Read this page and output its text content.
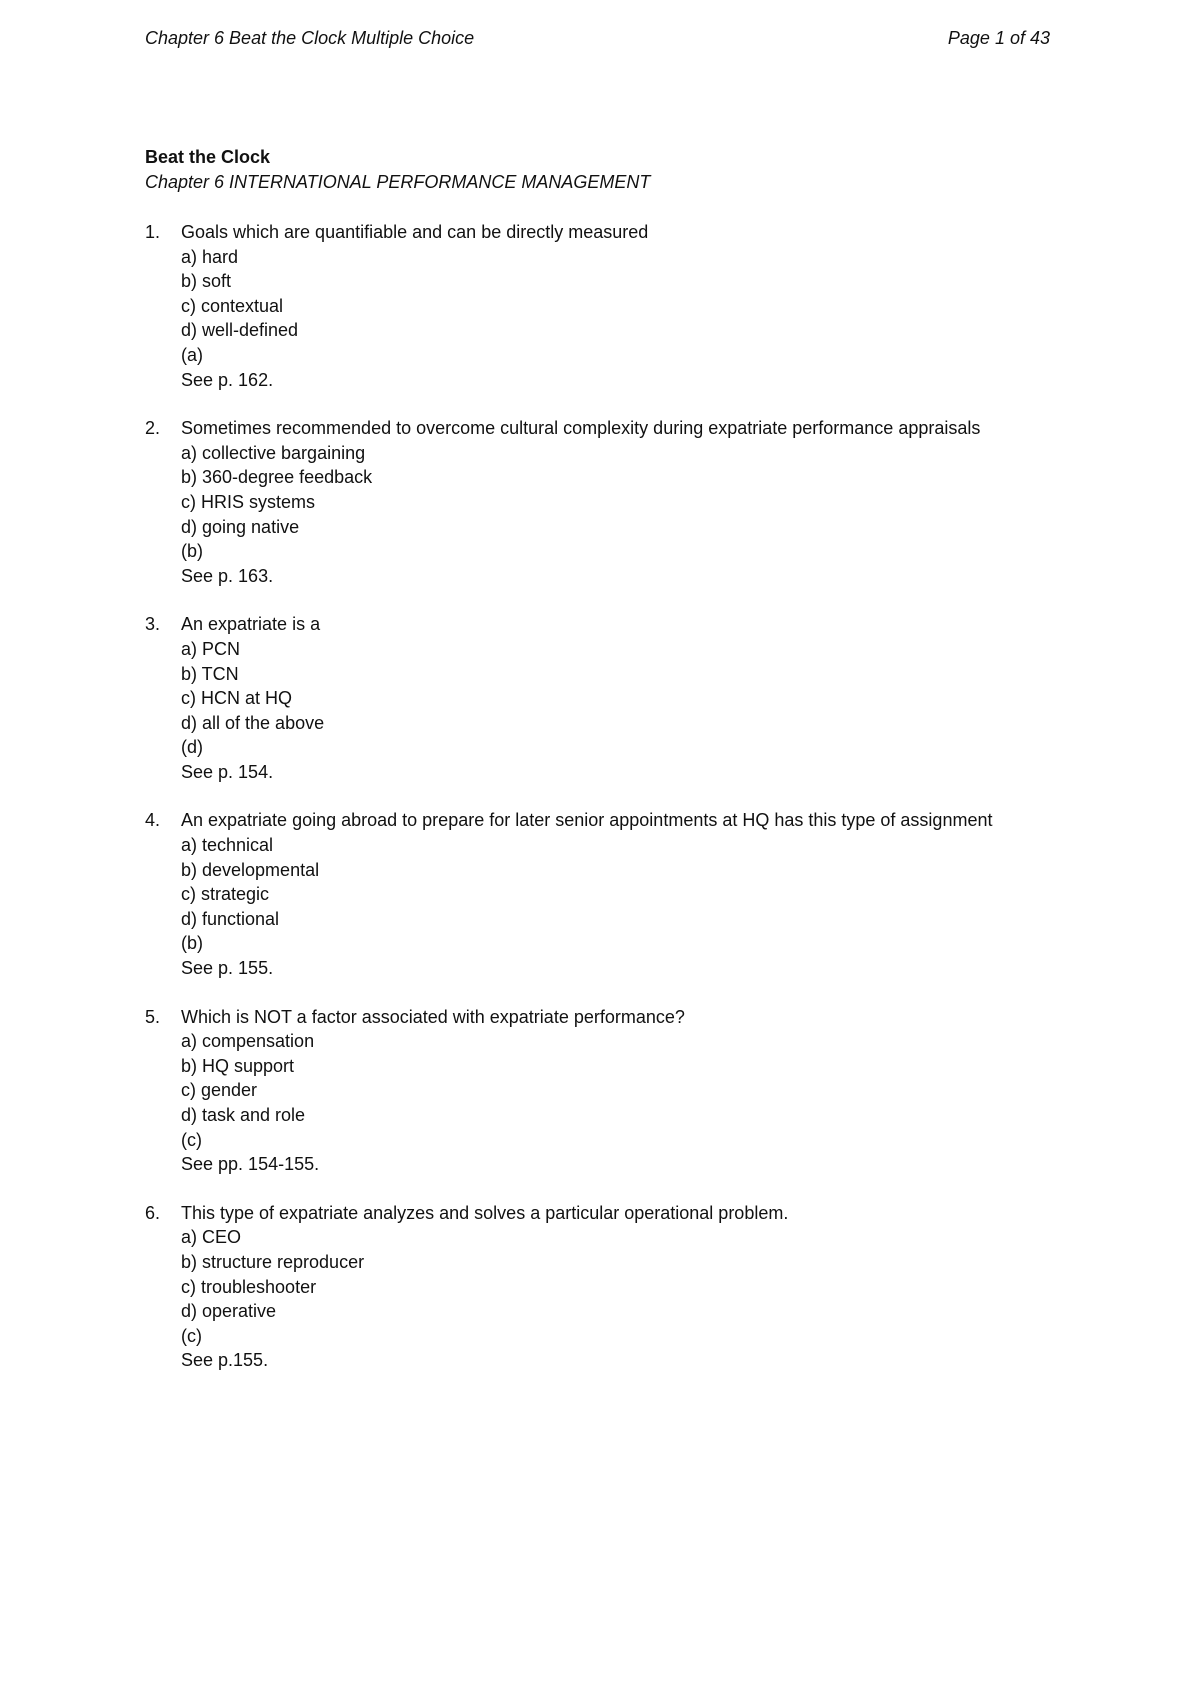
Chapter 6 Beat the Clock Multiple Choice	Page 1 of 43
Beat the Clock
Chapter 6 INTERNATIONAL PERFORMANCE MANAGEMENT
1. Goals which are quantifiable and can be directly measured
a) hard
b) soft
c) contextual
d) well-defined
(a)
See p. 162.
2. Sometimes recommended to overcome cultural complexity during expatriate performance appraisals
a) collective bargaining
b) 360-degree feedback
c) HRIS systems
d) going native
(b)
See p. 163.
3. An expatriate is a
a) PCN
b) TCN
c) HCN at HQ
d) all of the above
(d)
See p. 154.
4. An expatriate going abroad to prepare for later senior appointments at HQ has this type of assignment
a) technical
b) developmental
c) strategic
d) functional
(b)
See p. 155.
5. Which is NOT a factor associated with expatriate performance?
a) compensation
b) HQ support
c) gender
d) task and role
(c)
See pp. 154-155.
6. This type of expatriate analyzes and solves a particular operational problem.
a) CEO
b) structure reproducer
c) troubleshooter
d) operative
(c)
See p.155.
